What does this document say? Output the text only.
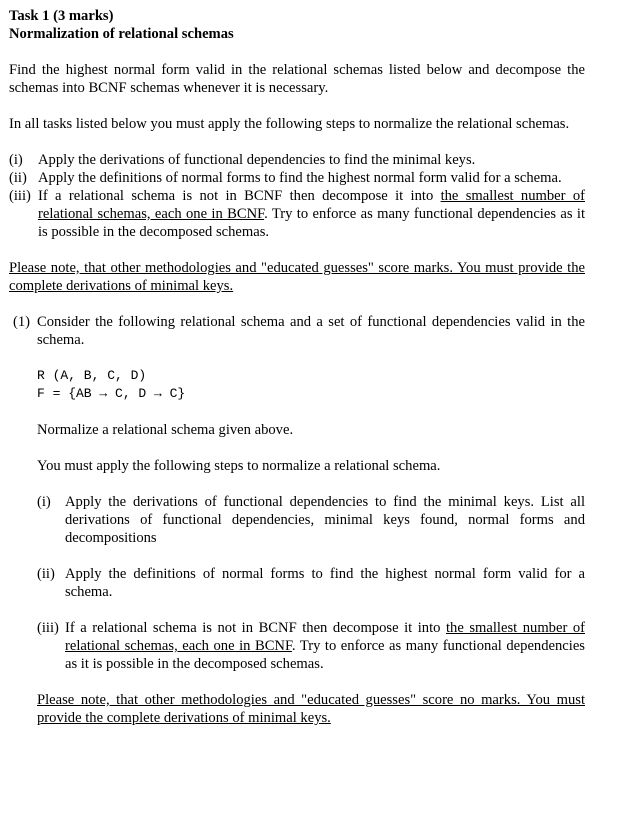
Task 1 (3 marks)

Normalization of relational schemas

Find the highest normal form valid in the relational schemas listed below and decompose the schemas into BCNF schemas whenever it is necessary.

In all tasks listed below you must apply the following steps to normalize the relational schemas.

(i)	Apply the derivations of functional dependencies to find the minimal keys.
(ii) Apply the definitions of normal forms to find the highest normal form valid for a schema.
(iii) If a relational schema is not in BCNF then decompose it into the smallest number of relational schemas, each one in BCNF. Try to enforce as many functional dependencies as it is possible in the decomposed schemas.

Please note, that other methodologies and "educated guesses" score marks. You must provide the complete derivations of minimal keys.

(1) Consider the following relational schema and a set of functional dependencies valid in the schema.

R (A, B, C, D)
F = {AB → C, D → C}

Normalize a relational schema given above.

You must apply the following steps to normalize a relational schema.

(i) Apply the derivations of functional dependencies to find the minimal keys. List all derivations of functional dependencies, minimal keys found, normal forms and decompositions
(ii) Apply the definitions of normal forms to find the highest normal form valid for a schema.
(iii) If a relational schema is not in BCNF then decompose it into the smallest number of relational schemas, each one in BCNF. Try to enforce as many functional dependencies as it is possible in the decomposed schemas.

Please note, that other methodologies and "educated guesses" score no marks. You must provide the complete derivations of minimal keys.
